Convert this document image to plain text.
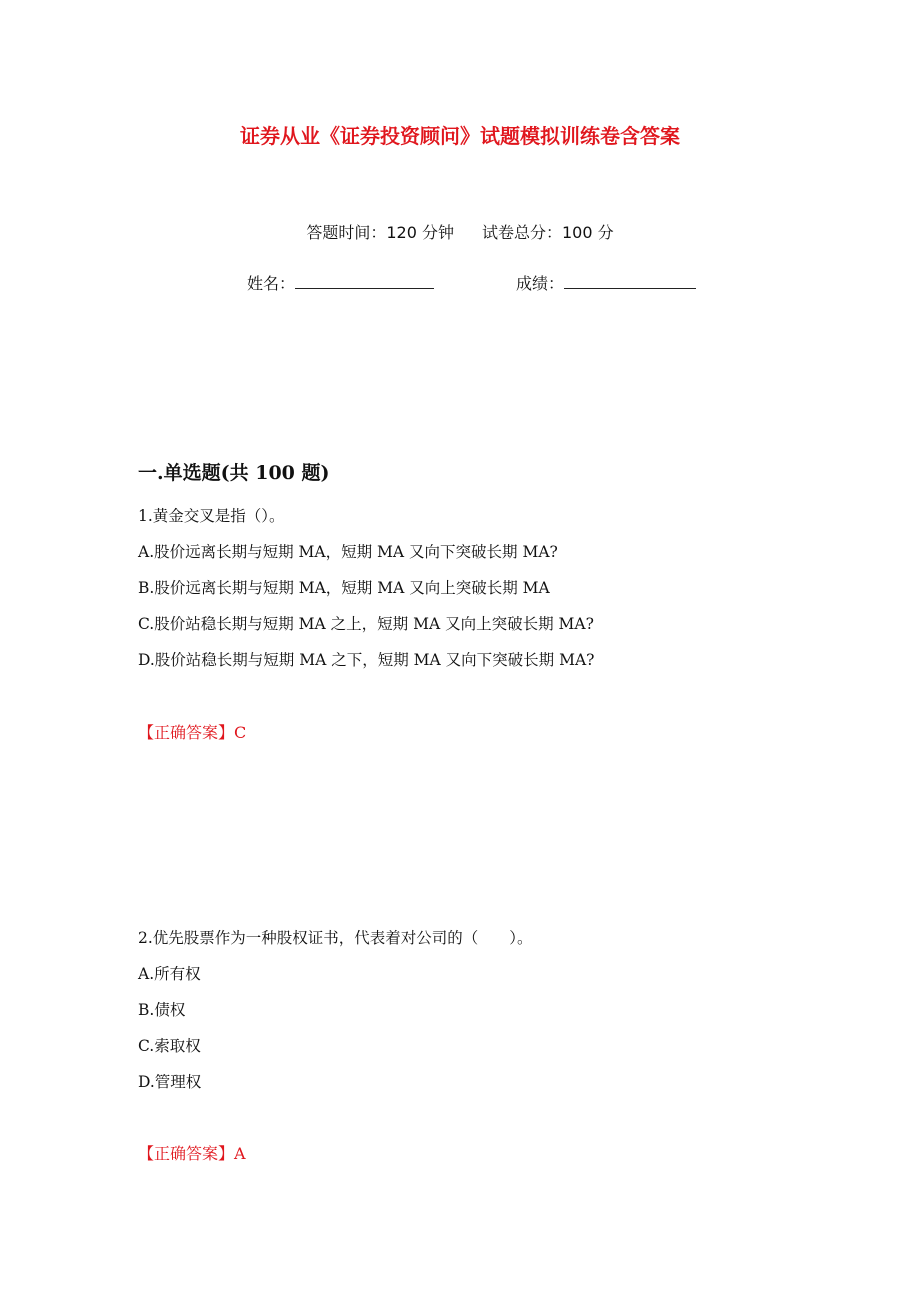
证券从业《证券投资顾问》试题模拟训练卷含答案
答题时间：120 分钟 试卷总分：100 分
姓名：	成绩：
一.单选题(共 100 题)
1.黄金交叉是指（）。
A.股价远离长期与短期 MA，短期 MA 又向下突破长期 MA?
B.股价远离长期与短期 MA，短期 MA 又向上突破长期 MA
C.股价站稳长期与短期 MA 之上，短期 MA 又向上突破长期 MA?
D.股价站稳长期与短期 MA 之下，短期 MA 又向下突破长期 MA?
【正确答案】C
2.优先股票作为一种股权证书，代表着对公司的（　　）。
A.所有权
B.债权
C.索取权
D.管理权
【正确答案】A
